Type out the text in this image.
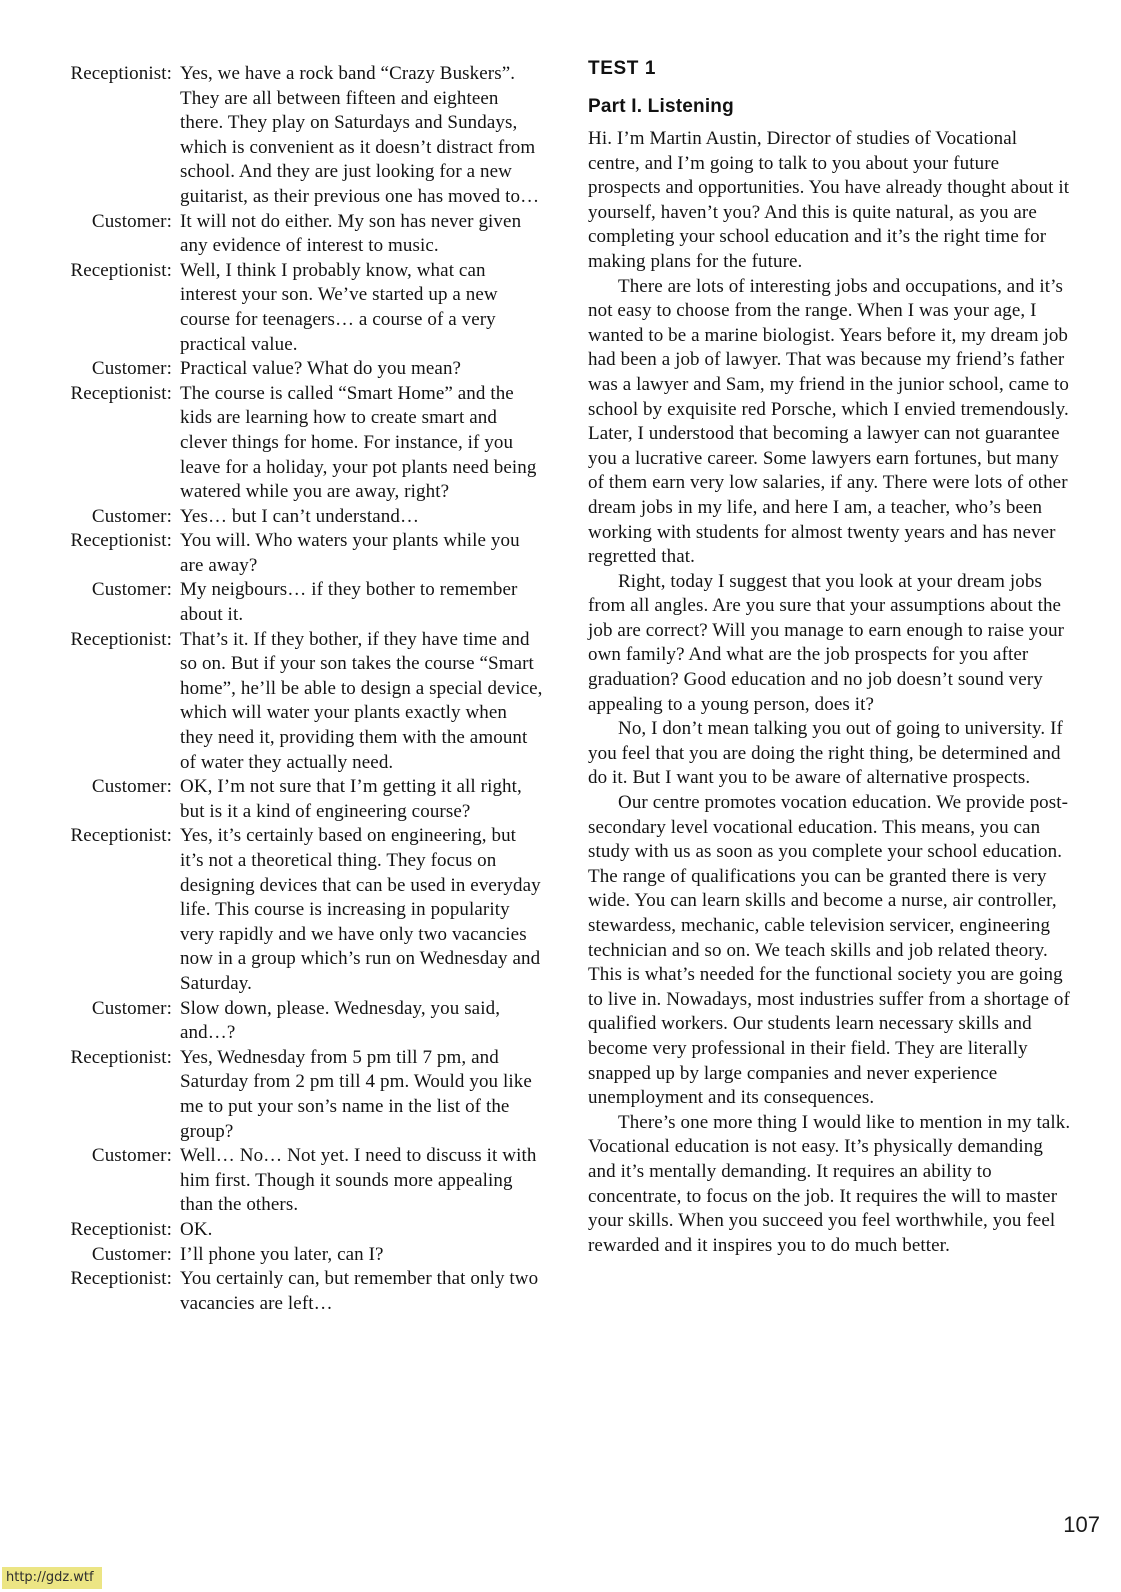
Receptionist: Yes, we have a rock band “Crazy Buskers”. They are all between fifteen and eighteen there. They play on Saturdays and Sundays, which is convenient as it doesn’t distract from school. And they are just looking for a new guitarist, as their previous one has moved to…
Customer: It will not do either. My son has never given any evidence of interest to music.
Receptionist: Well, I think I probably know, what can interest your son. We’ve started up a new course for teenagers… a course of a very practical value.
Customer: Practical value? What do you mean?
Receptionist: The course is called “Smart Home” and the kids are learning how to create smart and clever things for home. For instance, if you leave for a holiday, your pot plants need being watered while you are away, right?
Customer: Yes… but I can’t understand…
Receptionist: You will. Who waters your plants while you are away?
Customer: My neigbours… if they bother to remember about it.
Receptionist: That’s it. If they bother, if they have time and so on. But if your son takes the course “Smart home”, he’ll be able to design a special device, which will water your plants exactly when they need it, providing them with the amount of water they actually need.
Customer: OK, I’m not sure that I’m getting it all right, but is it a kind of engineering course?
Receptionist: Yes, it’s certainly based on engineering, but it’s not a theoretical thing. They focus on designing devices that can be used in everyday life. This course is increasing in popularity very rapidly and we have only two vacancies now in a group which’s run on Wednesday and Saturday.
Customer: Slow down, please. Wednesday, you said, and…?
Receptionist: Yes, Wednesday from 5 pm till 7 pm, and Saturday from 2 pm till 4 pm. Would you like me to put your son’s name in the list of the group?
Customer: Well… No… Not yet. I need to discuss it with him first. Though it sounds more appealing than the others.
Receptionist: OK.
Customer: I’ll phone you later, can I?
Receptionist: You certainly can, but remember that only two vacancies are left…
TEST 1
Part I. Listening

Hi. I’m Martin Austin, Director of studies of Vocational centre, and I’m going to talk to you about your future prospects and opportunities. You have already thought about it yourself, haven’t you? And this is quite natural, as you are completing your school education and it’s the right time for making plans for the future.

There are lots of interesting jobs and occupations, and it’s not easy to choose from the range. When I was your age, I wanted to be a marine biologist. Years before it, my dream job had been a job of lawyer. That was because my friend’s father was a lawyer and Sam, my friend in the junior school, came to school by exquisite red Porsche, which I envied tremendously. Later, I understood that becoming a lawyer can not guarantee you a lucrative career. Some lawyers earn fortunes, but many of them earn very low salaries, if any. There were lots of other dream jobs in my life, and here I am, a teacher, who’s been working with students for almost twenty years and has never regretted that.

Right, today I suggest that you look at your dream jobs from all angles. Are you sure that your assumptions about the job are correct? Will you manage to earn enough to raise your own family? And what are the job prospects for you after graduation? Good education and no job doesn’t sound very appealing to a young person, does it?

No, I don’t mean talking you out of going to university. If you feel that you are doing the right thing, be determined and do it. But I want you to be aware of alternative prospects.

Our centre promotes vocation education. We provide post-secondary level vocational education. This means, you can study with us as soon as you complete your school education. The range of qualifications you can be granted there is very wide. You can learn skills and become a nurse, air controller, stewardess, mechanic, cable television servicer, engineering technician and so on. We teach skills and job related theory. This is what’s needed for the functional society you are going to live in. Nowadays, most industries suffer from a shortage of qualified workers. Our students learn necessary skills and become very professional in their field. They are literally snapped up by large companies and never experience unemployment and its consequences.

There’s one more thing I would like to mention in my talk. Vocational education is not easy. It’s physically demanding and it’s mentally demanding. It requires an ability to concentrate, to focus on the job. It requires the will to master your skills. When you succeed you feel worthwhile, you feel rewarded and it inspires you to do much better.

107
http://gdz.wtf
